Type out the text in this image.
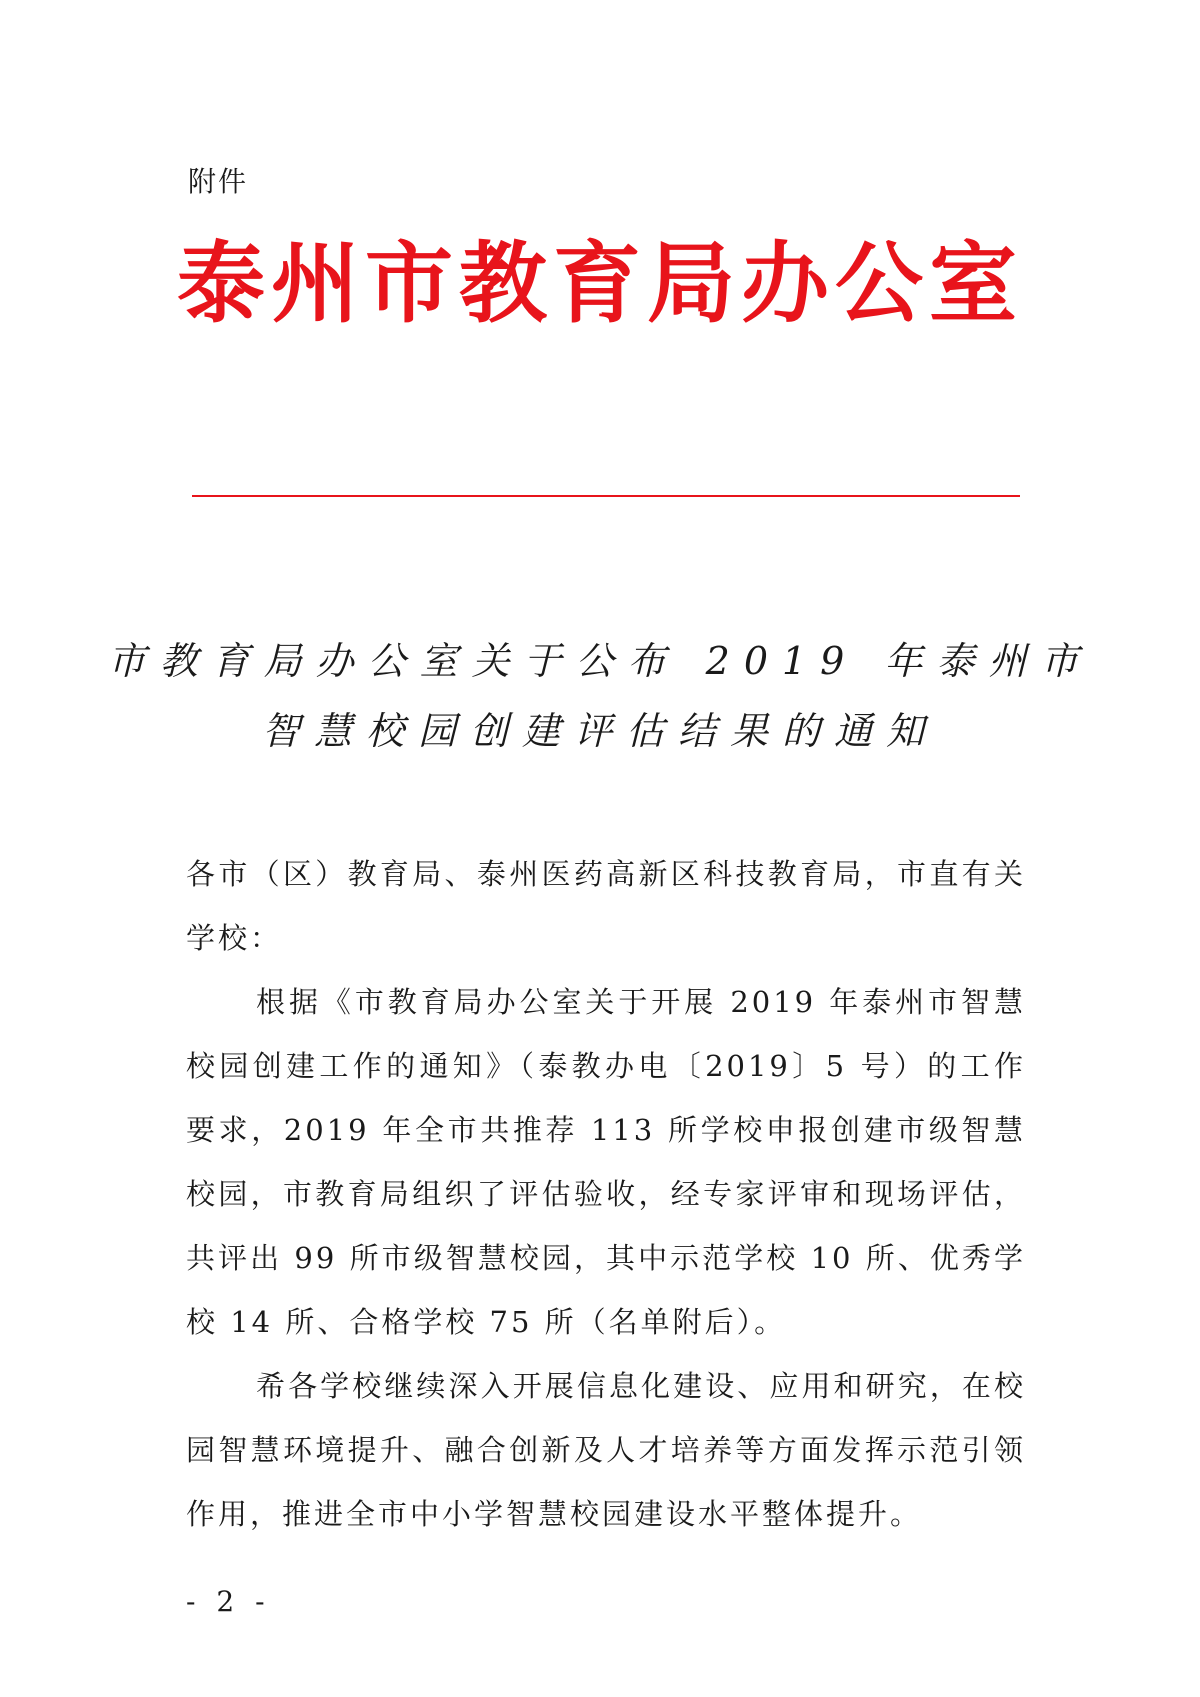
附件
泰州市教育局办公室
市教育局办公室关于公布 2019 年泰州市
智慧校园创建评估结果的通知
各市（区）教育局、泰州医药高新区科技教育局，市直有关学校：
根据《市教育局办公室关于开展 2019 年泰州市智慧校园创建工作的通知》（泰教办电〔2019〕5 号）的工作要求，2019 年全市共推荐 113 所学校申报创建市级智慧校园，市教育局组织了评估验收，经专家评审和现场评估，共评出 99 所市级智慧校园，其中示范学校 10 所、优秀学校 14 所、合格学校 75 所（名单附后）。
希各学校继续深入开展信息化建设、应用和研究，在校园智慧环境提升、融合创新及人才培养等方面发挥示范引领作用，推进全市中小学智慧校园建设水平整体提升。
- 2 -
